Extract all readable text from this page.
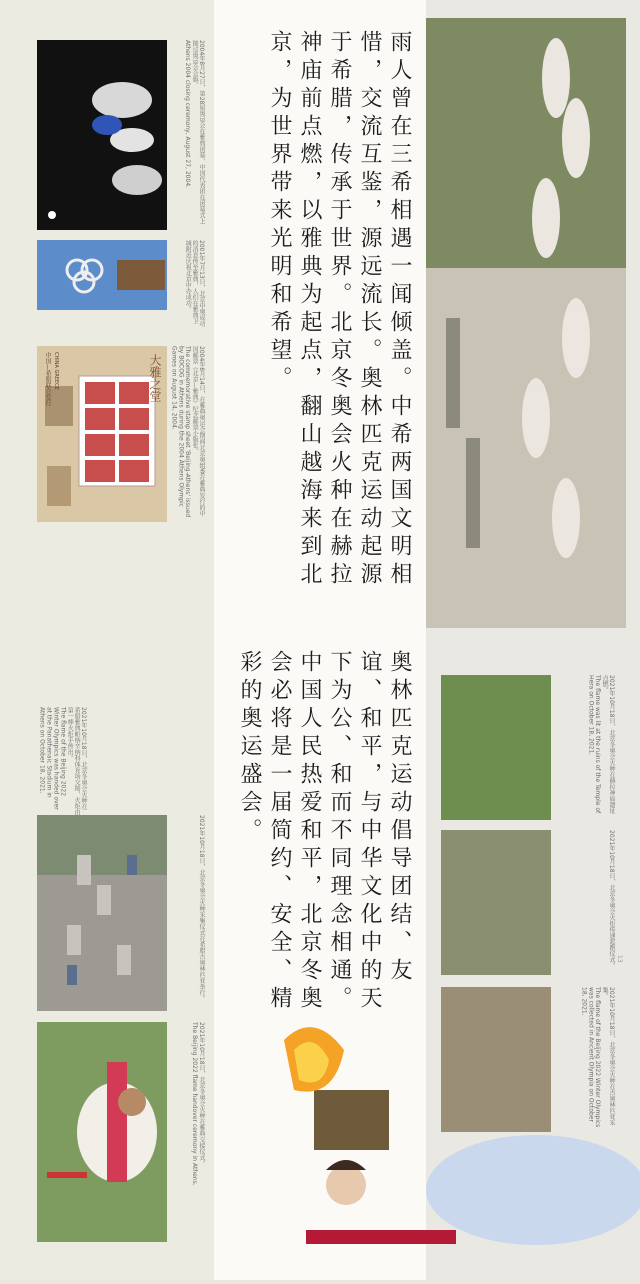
2004年8月27日，第28届奥运会在雅典闭幕，中国代表团在闭幕式上接过奥运会会旗。

Athens 2004 closing ceremony, August 27, 2004.

2001年7月13日，北京申奥成功的消息传至雅典，人们在雅典卫城附近庆祝北京申办成功。

大雅之堂
中国—希腊联合发行 CHINA GREECE	2004年8月14日，在雅典奥运会期间北京奥组委在雅典发行的中国邮票《北京—雅典》纪念邮票小版张。

The commemorative stamp sheet 'Beijing-Athens' issued by BOCOG in Athens during the 2004 Athens Olympic Games on August 14, 2004.

2021年10月18日，北京冬奥会火种在希腊雅典帕纳辛纳科体育场交接，火炬由第一棒火炬手传出。

The flame of the Beijing 2022 Winter Olympics was handed over at the Panathenaic Stadium in Athens on October 18, 2021.

2021年10月18日，北京冬奥会火种采集仪式在希腊古奥林匹亚举行。

2021年10月18日，北京冬奥会火种在雅典交接仪式。

The Beijing 2022 flame handover ceremony in Athens.

雨人曾在三希相遇一闻倾盖。中希两国文明相惜，交流互鉴，源远流长。奥林匹克运动起源于希腊，传承于世界。北京冬奥会火种在赫拉神庙前点燃，以雅典为起点，翻山越海来到北京，为世界带来光明和希望。
奥林匹克运动倡导团结、友谊、和平，与中华文化中的天下为公、和而不同理念相通。中国人民热爱和平，北京冬奥会必将是一届简约、安全、精彩的奥运盛会。	2021年10月18日，北京冬奥会火种在赫拉神庙遗址点燃。

The flame was lit at the ruins of the Temple of Hera on October 18, 2021.

2021年10月18日，北京冬奥会火炬传递起跑仪式。

2021年10月18日，北京冬奥会火种在古奥林匹亚采集。

The flame of the Beijing 2022 Winter Olympics was collected in Ancient Olympia on October 18, 2021.

13
